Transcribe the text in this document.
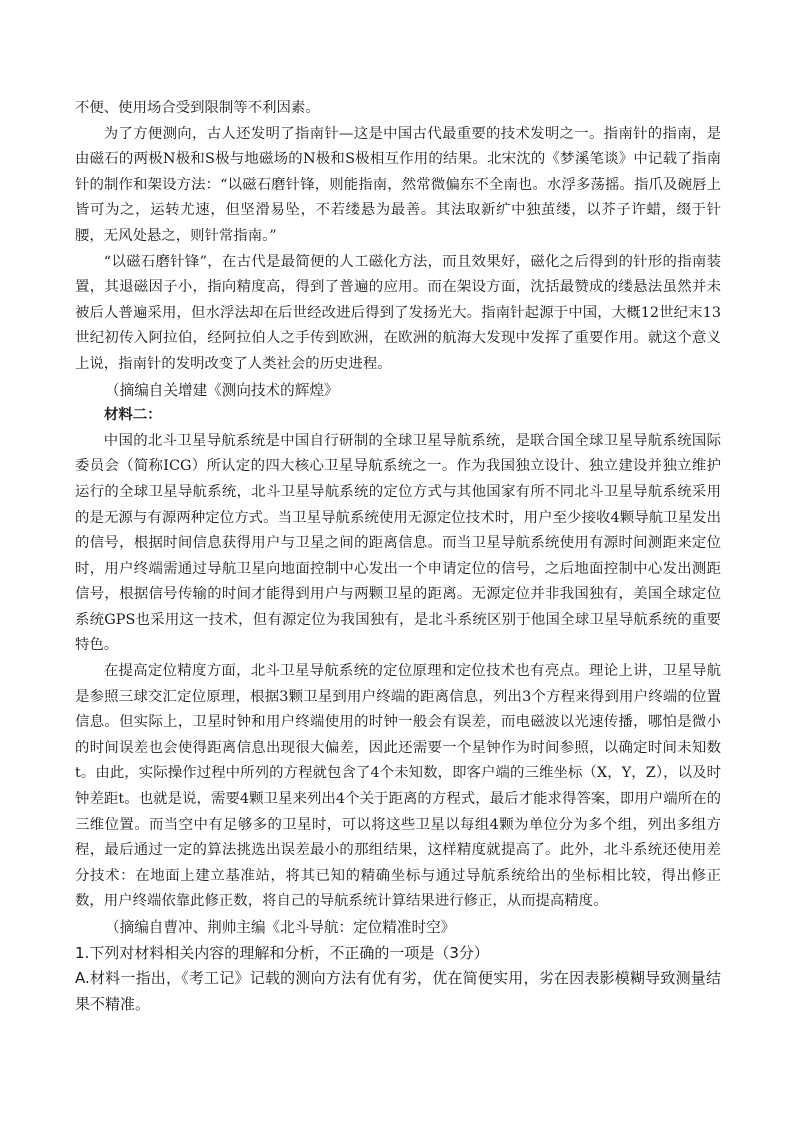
不便、使用场合受到限制等不利因素。

为了方便测向，古人还发明了指南针—这是中国古代最重要的技术发明之一。指南针的指南，是由磁石的两极N极和S极与地磁场的N极和S极相互作用的结果。北宋沈的《梦溪笔谈》中记载了指南针的制作和架设方法：“以磁石磨针锋，则能指南，然常微偏东不全南也。水浮多荡摇。指爪及碗唇上皆可为之，运转尤速，但坚滑易坠，不若缕悬为最善。其法取新纩中独茧缕，以芥子许蜡，缀于针腰，无风处悬之，则针常指南。”

“以磁石磨针锋”，在古代是最简便的人工磁化方法，而且效果好，磁化之后得到的针形的指南装置，其退磁因子小，指向精度高，得到了普遍的应用。而在架设方面，沈括最赞成的缕悬法虽然并未被后人普遍采用，但水浮法却在后世经改进后得到了发扬光大。指南针起源于中国，大概12世纪末13世纪初传入阿拉伯，经阿拉伯人之手传到欧洲，在欧洲的航海大发现中发挥了重要作用。就这个意义上说，指南针的发明改变了人类社会的历史进程。

（摘编自关增建《测向技术的辉煌》

材料二：

中国的北斗卫星导航系统是中国自行研制的全球卫星导航系统，是联合国全球卫星导航系统国际委员会（简称ICG）所认定的四大核心卫星导航系统之一。作为我国独立设计、独立建设并独立维护运行的全球卫星导航系统，北斗卫星导航系统的定位方式与其他国家有所不同北斗卫星导航系统采用的是无源与有源两种定位方式。当卫星导航系统使用无源定位技术时，用户至少接收4颗导航卫星发出的信号，根据时间信息获得用户与卫星之间的距离信息。而当卫星导航系统使用有源时间测距来定位时，用户终端需通过导航卫星向地面控制中心发出一个申请定位的信号，之后地面控制中心发出测距信号，根据信号传输的时间才能得到用户与两颗卫星的距离。无源定位并非我国独有，美国全球定位系统GPS也采用这一技术，但有源定位为我国独有，是北斗系统区别于他国全球卫星导航系统的重要特色。

在提高定位精度方面，北斗卫星导航系统的定位原理和定位技术也有亮点。理论上讲，卫星导航是参照三球交汇定位原理，根据3颗卫星到用户终端的距离信息，列出3个方程来得到用户终端的位置信息。但实际上，卫星时钟和用户终端使用的时钟一般会有误差，而电磁波以光速传播，哪怕是微小的时间误差也会使得距离信息出现很大偏差，因此还需要一个星钟作为时间参照，以确定时间未知数t。由此，实际操作过程中所列的方程就包含了4个未知数，即客户端的三维坐标（X，Y，Z），以及时钟差距t。也就是说，需要4颗卫星来列出4个关于距离的方程式，最后才能求得答案，即用户端所在的三维位置。而当空中有足够多的卫星时，可以将这些卫星以每组4颗为单位分为多个组，列出多组方程，最后通过一定的算法挑选出误差最小的那组结果，这样精度就提高了。此外，北斗系统还使用差分技术：在地面上建立基准站，将其已知的精确坐标与通过导航系统给出的坐标相比较，得出修正数，用户终端依靠此修正数，将自己的导航系统计算结果进行修正，从而提高精度。

（摘编自曹冲、荆帅主编《北斗导航：定位精准时空》

1.下列对材料相关内容的理解和分析，不正确的一项是（3分）

A.材料一指出，《考工记》记载的测向方法有优有劣，优在简便实用，劣在因表影模糊导致测量结果不精准。
